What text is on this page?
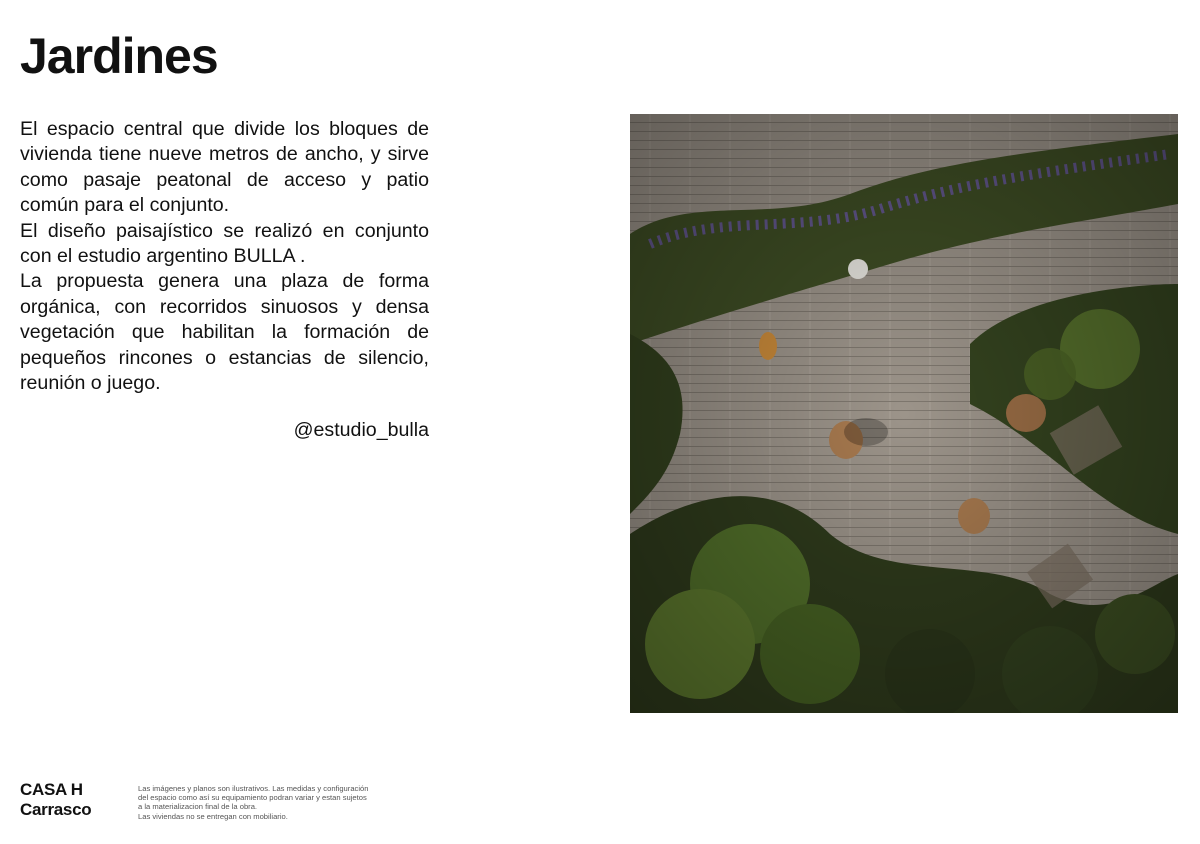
Jardines

El espacio central que divide los bloques de vivienda tiene nueve metros de ancho, y sirve como pasaje peatonal de acceso y patio común para el conjunto.

El diseño paisajístico se realizó en conjunto con el estudio argentino BULLA .

La propuesta genera una plaza de forma orgánica, con recorridos sinuosos y densa vegetación que habilitan la formación de pequeños rincones o estancias de silencio, reunión o juego.

@estudio_bulla
CASA H
Carrasco
Las imágenes y planos son ilustrativos. Las medidas y configuración
del espacio como así su equipamiento podran variar y estan sujetos
a la materializacion final de la obra.
Las viviendas no se entregan con mobiliario.
